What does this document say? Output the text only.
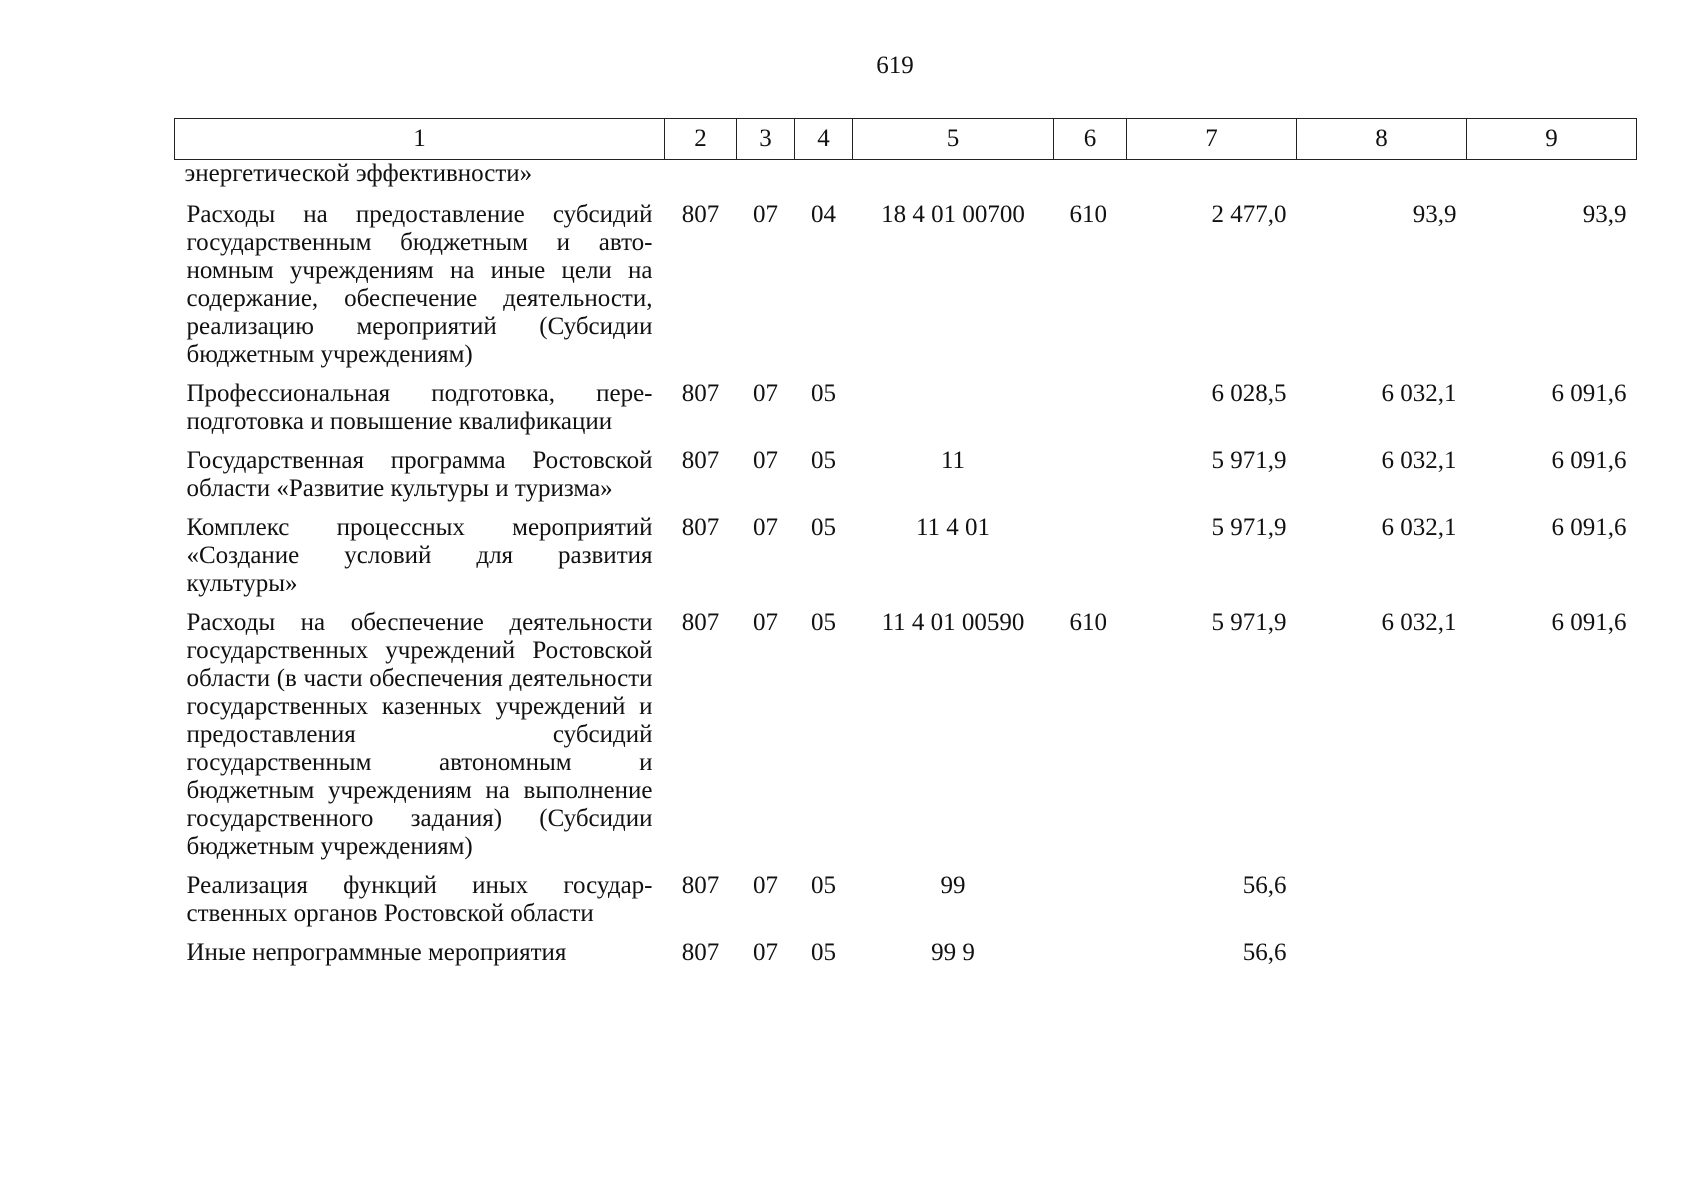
619
1	2	3	4	5	6	7	8	9
энергетической эффективности»								
Расходы на предоставление субсидий государственным бюджетным и автономным учреждениям на иные цели на содержание, обеспечение деятельности, реализацию мероприятий (Субсидии бюджетным учреждениям)	807	07	04	18 4 01 00700	610	2 477,0	93,9	93,9
Профессиональная подготовка, переподготовка и повышение квалификации	807	07	05			6 028,5	6 032,1	6 091,6
Государственная программа Ростовской области «Развитие культуры и туризма»	807	07	05	11		5 971,9	6 032,1	6 091,6
Комплекс процессных мероприятий «Создание условий для развития культуры»	807	07	05	11 4 01		5 971,9	6 032,1	6 091,6
Расходы на обеспечение деятельности государственных учреждений Ростовской области (в части обеспечения деятельности государственных казенных учреждений и предоставления субсидий государственным автономным и бюджетным учреждениям на выполнение государственного задания) (Субсидии бюджетным учреждениям)	807	07	05	11 4 01 00590	610	5 971,9	6 032,1	6 091,6
Реализация функций иных государственных органов Ростовской области	807	07	05	99		56,6		
Иные непрограммные мероприятия	807	07	05	99 9		56,6		
